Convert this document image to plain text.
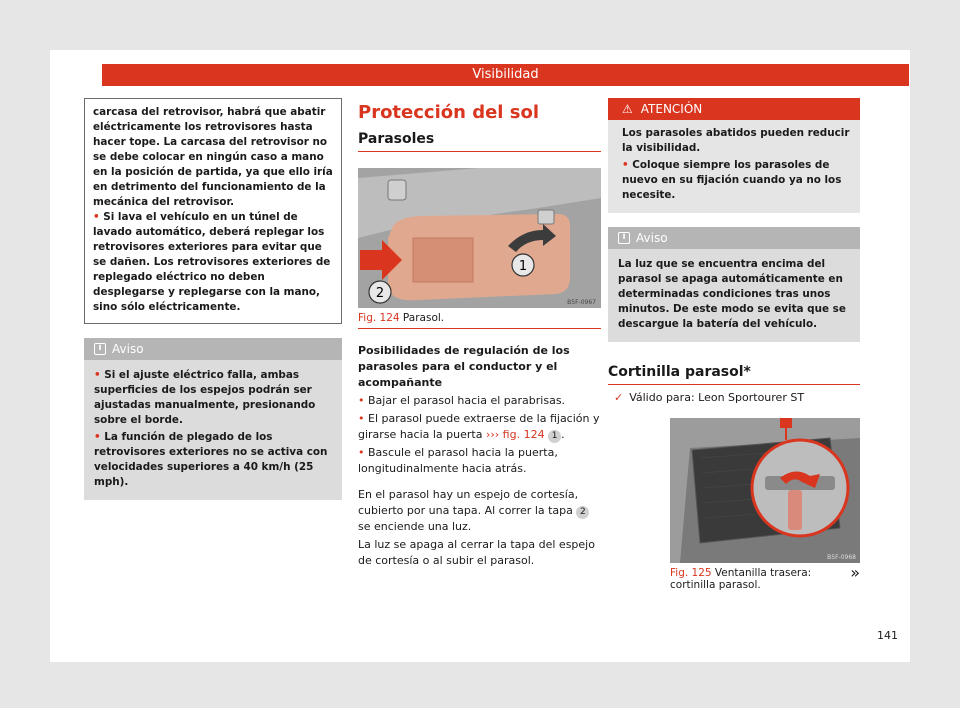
Visibilidad

carcasa del retrovisor, habrá que abatir eléctricamente los retrovisores hasta hacer tope. La carcasa del retrovisor no se debe colocar en ningún caso a mano en la posición de partida, ya que ello iría en detrimento del funcionamiento de la mecánica del retrovisor.

• Si lava el vehículo en un túnel de lavado automático, deberá replegar los retrovisores exteriores para evitar que se dañen. Los retrovisores exteriores de replegado eléctrico no deben desplegarse y replegarse con la mano, sino sólo eléctricamente.

i Aviso

• Si el ajuste eléctrico falla, ambas superficies de los espejos podrán ser ajustadas manualmente, presionando sobre el borde.

• La función de plegado de los retrovisores exteriores no se activa con velocidades superiores a 40 km/h (25 mph).

Protección del sol
Parasoles
1
2
B5F-0967
Fig. 124 Parasol.
Posibilidades de regulación de los parasoles para el conductor y el acompañante

• Bajar el parasol hacia el parabrisas.

• El parasol puede extraerse de la fijación y girarse hacia la puerta ››› fig. 124 1 .

• Bascule el parasol hacia la puerta, longitudinalmente hacia atrás.

En el parasol hay un espejo de cortesía, cubierto por una tapa. Al correr la tapa 2 se enciende una luz.

La luz se apaga al cerrar la tapa del espejo de cortesía o al subir el parasol.

⚠ ATENCIÓN

Los parasoles abatidos pueden reducir la visibilidad.

• Coloque siempre los parasoles de nuevo en su fijación cuando ya no los necesite.

i Aviso

La luz que se encuentra encima del parasol se apaga automáticamente en determinadas condiciones tras unos minutos. De este modo se evita que se descargue la batería del vehículo.

Cortinilla parasol*
✓ Válido para: Leon Sportourer ST
B5F-0968
Fig. 125 Ventanilla trasera: cortinilla parasol.
»
141
